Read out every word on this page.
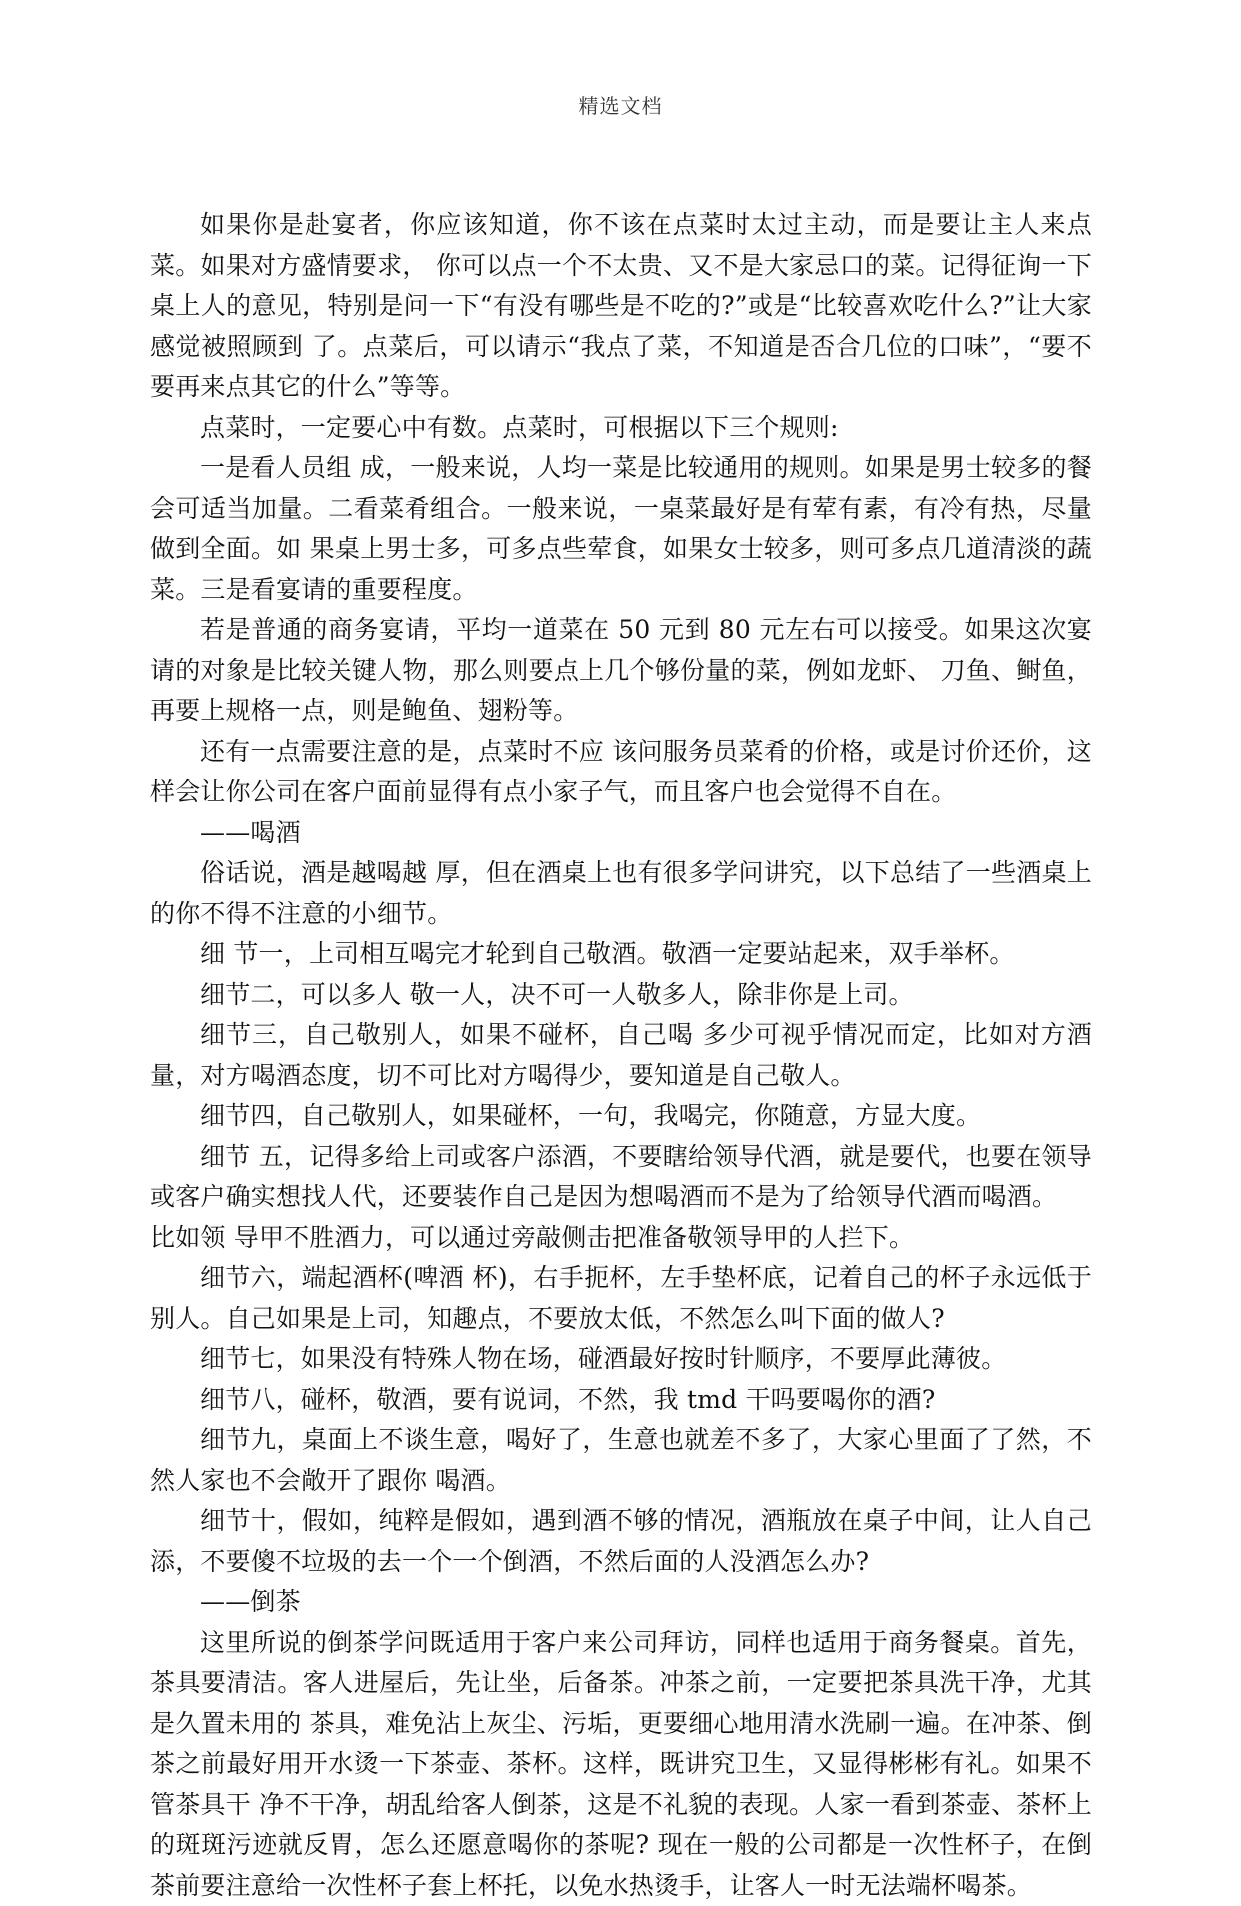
精选文档

如果你是赴宴者，你应该知道，你不该在点菜时太过主动，而是要让主人来点菜。如果对方盛情要求， 你可以点一个不太贵、又不是大家忌口的菜。记得征询一下桌上人的意见，特别是问一下“有没有哪些是不吃的?”或是“比较喜欢吃什么?”让大家感觉被照顾到 了。点菜后，可以请示“我点了菜，不知道是否合几位的口味”，“要不要再来点其它的什么”等等。

点菜时，一定要心中有数。点菜时，可根据以下三个规则:

一是看人员组 成，一般来说，人均一菜是比较通用的规则。如果是男士较多的餐会可适当加量。二看菜肴组合。一般来说，一桌菜最好是有荤有素，有冷有热，尽量做到全面。如 果桌上男士多，可多点些荤食，如果女士较多，则可多点几道清淡的蔬菜。三是看宴请的重要程度。

若是普通的商务宴请，平均一道菜在 50 元到 80 元左右可以接受。如果这次宴请的对象是比较关键人物，那么则要点上几个够份量的菜，例如龙虾、 刀鱼、鲥鱼，再要上规格一点，则是鲍鱼、翅粉等。

还有一点需要注意的是，点菜时不应 该问服务员菜肴的价格，或是讨价还价，这样会让你公司在客户面前显得有点小家子气，而且客户也会觉得不自在。

——喝酒

俗话说，酒是越喝越 厚，但在酒桌上也有很多学问讲究，以下总结了一些酒桌上的你不得不注意的小细节。

细 节一，上司相互喝完才轮到自己敬酒。敬酒一定要站起来，双手举杯。

细节二，可以多人 敬一人，决不可一人敬多人，除非你是上司。

细节三，自己敬别人，如果不碰杯，自己喝 多少可视乎情况而定，比如对方酒量，对方喝酒态度，切不可比对方喝得少，要知道是自己敬人。

细节四，自己敬别人，如果碰杯，一句，我喝完，你随意，方显大度。

细节 五，记得多给上司或客户添酒，不要瞎给领导代酒，就是要代，也要在领导或客户确实想找人代，还要装作自己是因为想喝酒而不是为了给领导代酒而喝酒。

比如领 导甲不胜酒力，可以通过旁敲侧击把准备敬领导甲的人拦下。

细节六，端起酒杯(啤酒 杯)，右手扼杯，左手垫杯底，记着自己的杯子永远低于别人。自己如果是上司，知趣点，不要放太低，不然怎么叫下面的做人?

细节七，如果没有特殊人物在场，碰酒最好按时针顺序，不要厚此薄彼。

细节八，碰杯，敬酒，要有说词，不然，我 tmd 干吗要喝你的酒?

细节九，桌面上不谈生意，喝好了，生意也就差不多了，大家心里面了了然，不然人家也不会敞开了跟你 喝酒。

细节十，假如，纯粹是假如，遇到酒不够的情况，酒瓶放在桌子中间，让人自己添，不要傻不垃圾的去一个一个倒酒，不然后面的人没酒怎么办?

——倒茶

这里所说的倒茶学问既适用于客户来公司拜访，同样也适用于商务餐桌。首先，茶具要清洁。客人进屋后，先让坐，后备茶。冲茶之前，一定要把茶具洗干净，尤其是久置未用的 茶具，难免沾上灰尘、污垢，更要细心地用清水洗刷一遍。在冲茶、倒茶之前最好用开水烫一下茶壶、茶杯。这样，既讲究卫生，又显得彬彬有礼。如果不管茶具干 净不干净，胡乱给客人倒茶，这是不礼貌的表现。人家一看到茶壶、茶杯上的斑斑污迹就反胃，怎么还愿意喝你的茶呢? 现在一般的公司都是一次性杯子，在倒茶前要注意给一次性杯子套上杯托，以免水热烫手，让客人一时无法端杯喝茶。
